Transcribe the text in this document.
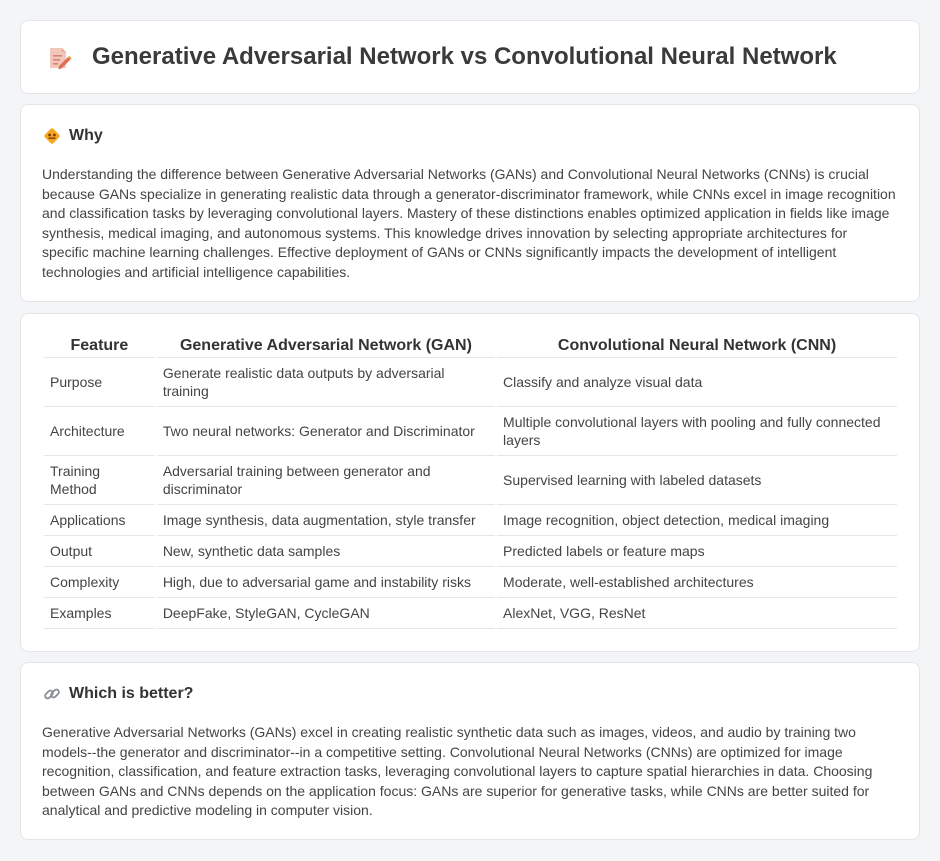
Generative Adversarial Network vs Convolutional Neural Network
Why

Understanding the difference between Generative Adversarial Networks (GANs) and Convolutional Neural Networks (CNNs) is crucial because GANs specialize in generating realistic data through a generator-discriminator framework, while CNNs excel in image recognition and classification tasks by leveraging convolutional layers. Mastery of these distinctions enables optimized application in fields like image synthesis, medical imaging, and autonomous systems. This knowledge drives innovation by selecting appropriate architectures for specific machine learning challenges. Effective deployment of GANs or CNNs significantly impacts the development of intelligent technologies and artificial intelligence capabilities.

Feature	Generative Adversarial Network (GAN)	Convolutional Neural Network (CNN)
Purpose	Generate realistic data outputs by adversarial training	Classify and analyze visual data
Architecture	Two neural networks: Generator and Discriminator	Multiple convolutional layers with pooling and fully connected layers
Training Method	Adversarial training between generator and discriminator	Supervised learning with labeled datasets
Applications	Image synthesis, data augmentation, style transfer	Image recognition, object detection, medical imaging
Output	New, synthetic data samples	Predicted labels or feature maps
Complexity	High, due to adversarial game and instability risks	Moderate, well-established architectures
Examples	DeepFake, StyleGAN, CycleGAN	AlexNet, VGG, ResNet
Which is better?

Generative Adversarial Networks (GANs) excel in creating realistic synthetic data such as images, videos, and audio by training two models--the generator and discriminator--in a competitive setting. Convolutional Neural Networks (CNNs) are optimized for image recognition, classification, and feature extraction tasks, leveraging convolutional layers to capture spatial hierarchies in data. Choosing between GANs and CNNs depends on the application focus: GANs are superior for generative tasks, while CNNs are better suited for analytical and predictive modeling in computer vision.
